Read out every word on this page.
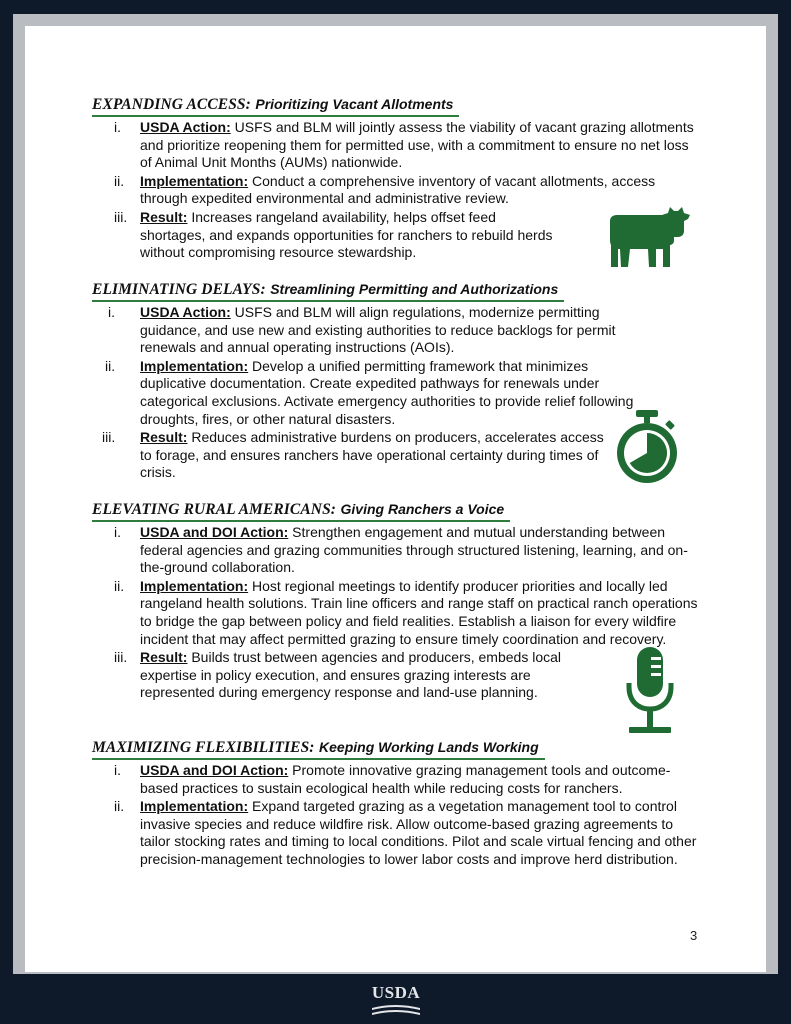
EXPANDING ACCESS: Prioritizing Vacant Allotments
i.	USDA Action: USFS and BLM will jointly assess the viability of vacant grazing allotments and prioritize reopening them for permitted use, with a commitment to ensure no net loss of Animal Unit Months (AUMs) nationwide.
ii.	Implementation: Conduct a comprehensive inventory of vacant allotments, access through expedited environmental and administrative review.
iii. Result: Increases rangeland availability, helps offset feed shortages, and expands opportunities for ranchers to rebuild herds without compromising resource stewardship.
ELIMINATING DELAYS: Streamlining Permitting and Authorizations
i.	USDA Action: USFS and BLM will align regulations, modernize permitting guidance, and use new and existing authorities to reduce backlogs for permit renewals and annual operating instructions (AOIs).
ii.	Implementation: Develop a unified permitting framework that minimizes duplicative documentation. Create expedited pathways for renewals under categorical exclusions. Activate emergency authorities to provide relief following droughts, fires, or other natural disasters.
iii.	Result: Reduces administrative burdens on producers, accelerates access to forage, and ensures ranchers have operational certainty during times of crisis.
ELEVATING RURAL AMERICANS: Giving Ranchers a Voice
i.	USDA and DOI Action: Strengthen engagement and mutual understanding between federal agencies and grazing communities through structured listening, learning, and on-the-ground collaboration.
ii.	Implementation: Host regional meetings to identify producer priorities and locally led rangeland health solutions. Train line officers and range staff on practical ranch operations to bridge the gap between policy and field realities. Establish a liaison for every wildfire incident that may affect permitted grazing to ensure timely coordination and recovery.
iii. Result: Builds trust between agencies and producers, embeds local expertise in policy execution, and ensures grazing interests are represented during emergency response and land-use planning.
MAXIMIZING FLEXIBILITIES: Keeping Working Lands Working
i.	USDA and DOI Action: Promote innovative grazing management tools and outcome-based practices to sustain ecological health while reducing costs for ranchers.
ii.	Implementation: Expand targeted grazing as a vegetation management tool to control invasive species and reduce wildfire risk. Allow outcome-based grazing agreements to tailor stocking rates and timing to local conditions. Pilot and scale virtual fencing and other precision-management technologies to lower labor costs and improve herd distribution.
3
USDA
